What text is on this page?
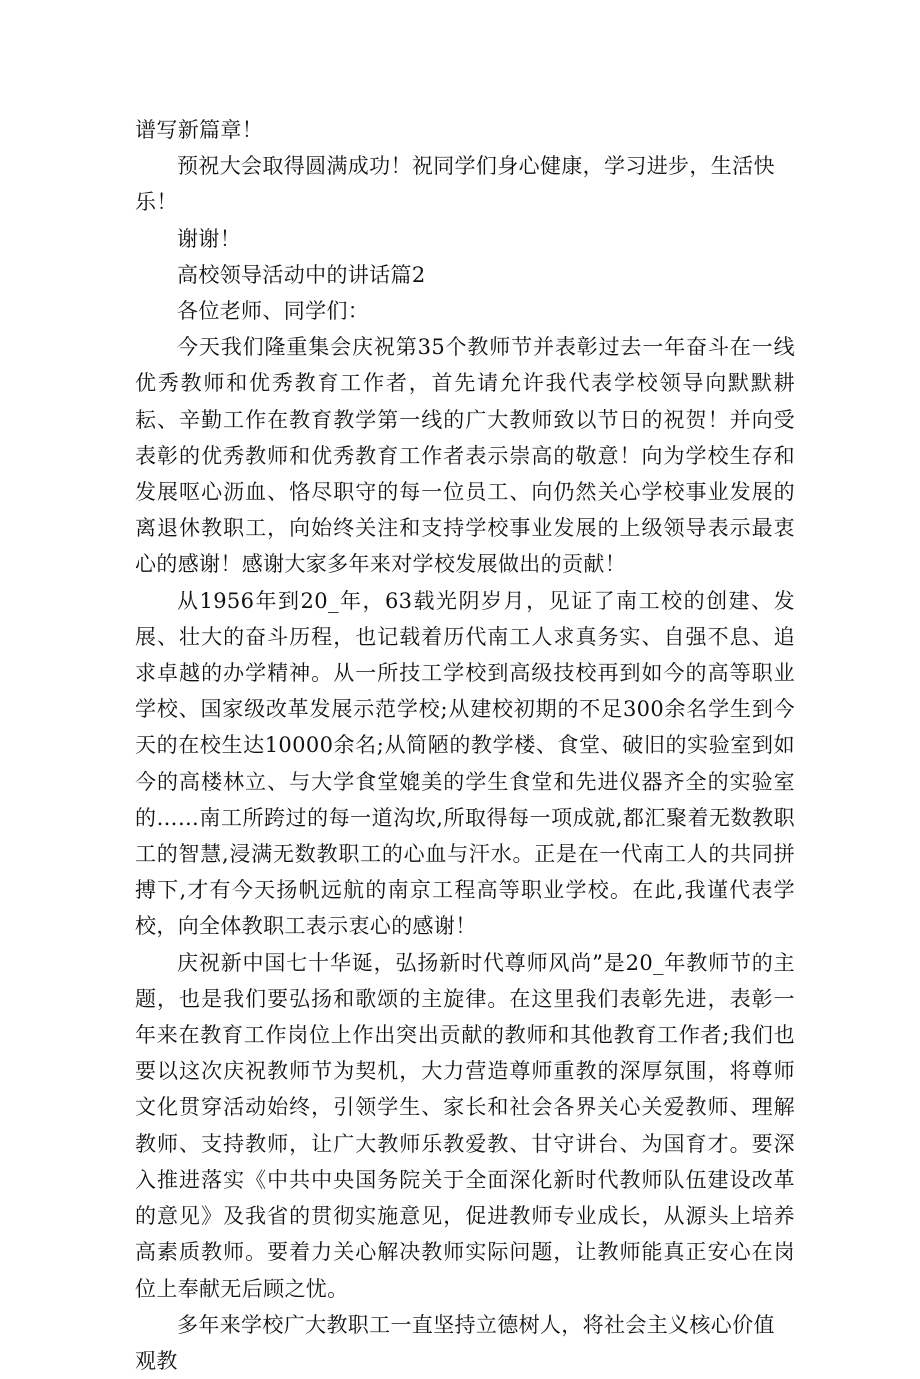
谱写新篇章！

预祝大会取得圆满成功！祝同学们身心健康，学习进步，生活快乐！

谢谢！

高校领导活动中的讲话篇2

各位老师、同学们：

今天我们隆重集会庆祝第35个教师节并表彰过去一年奋斗在一线优秀教师和优秀教育工作者，首先请允许我代表学校领导向默默耕耘、辛勤工作在教育教学第一线的广大教师致以节日的祝贺！并向受表彰的优秀教师和优秀教育工作者表示崇高的敬意！向为学校生存和发展呕心沥血、恪尽职守的每一位员工、向仍然关心学校事业发展的离退休教职工，向始终关注和支持学校事业发展的上级领导表示最衷心的感谢！感谢大家多年来对学校发展做出的贡献！

从1956年到20_年，63载光阴岁月，见证了南工校的创建、发展、壮大的奋斗历程，也记载着历代南工人求真务实、自强不息、追求卓越的办学精神。从一所技工学校到高级技校再到如今的高等职业学校、国家级改革发展示范学校;从建校初期的不足300余名学生到今天的在校生达10000余名;从简陋的教学楼、食堂、破旧的实验室到如今的高楼林立、与大学食堂媲美的学生食堂和先进仪器齐全的实验室的……南工所跨过的每一道沟坎,所取得每一项成就,都汇聚着无数教职工的智慧,浸满无数教职工的心血与汗水。正是在一代南工人的共同拼搏下,才有今天扬帆远航的南京工程高等职业学校。在此,我谨代表学校，向全体教职工表示衷心的感谢！

庆祝新中国七十华诞，弘扬新时代尊师风尚”是20_年教师节的主题，也是我们要弘扬和歌颂的主旋律。在这里我们表彰先进，表彰一年来在教育工作岗位上作出突出贡献的教师和其他教育工作者;我们也要以这次庆祝教师节为契机，大力营造尊师重教的深厚氛围，将尊师文化贯穿活动始终，引领学生、家长和社会各界关心关爱教师、理解教师、支持教师，让广大教师乐教爱教、甘守讲台、为国育才。要深入推进落实《中共中央国务院关于全面深化新时代教师队伍建设改革的意见》及我省的贯彻实施意见，促进教师专业成长，从源头上培养高素质教师。要着力关心解决教师实际问题，让教师能真正安心在岗位上奉献无后顾之忧。

多年来学校广大教职工一直坚持立德树人，将社会主义核心价值观教
